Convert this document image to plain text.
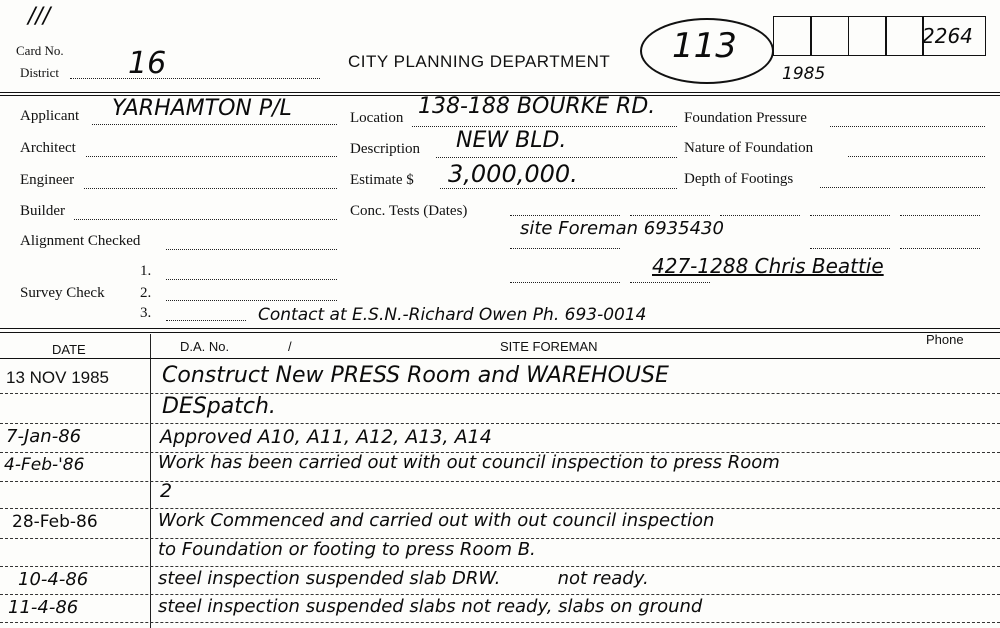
///
Card No.
District 16	CITY PLANNING DEPARTMENT 113	2264
1985
Applicant YARHAMTON P/L
Architect
Engineer
Builder
Alignment Checked
1.
Survey Check 2.
3.
Location 138-188 BOURKE RD.
Description NEW BLD.
Estimate $ 3,000,000.
Conc. Tests (Dates)
site Foreman 6935430
Contact at E.S.N.-Richard Owen Ph. 693-0014
Foundation Pressure
Nature of Foundation
Depth of Footings
427-1288 Chris Beattie
DATE	D.A. No.	/	SITE FOREMAN	Phone
13 NOV 1985 Construct New PRESS Room and WAREHOUSE
DESpatch.
7-Jan-86	Approved A10, A11, A12, A13, A14
4-Feb-'86	Work has been carried out with out council inspection to press Room
2
28-Feb-86	Work Commenced and carried out with out council inspection
to Foundation or footing to press Room B.
10-4-86	steel inspection suspended slab DRW.          not ready.
11-4-86	steel inspection suspended slabs not ready, slabs on ground
